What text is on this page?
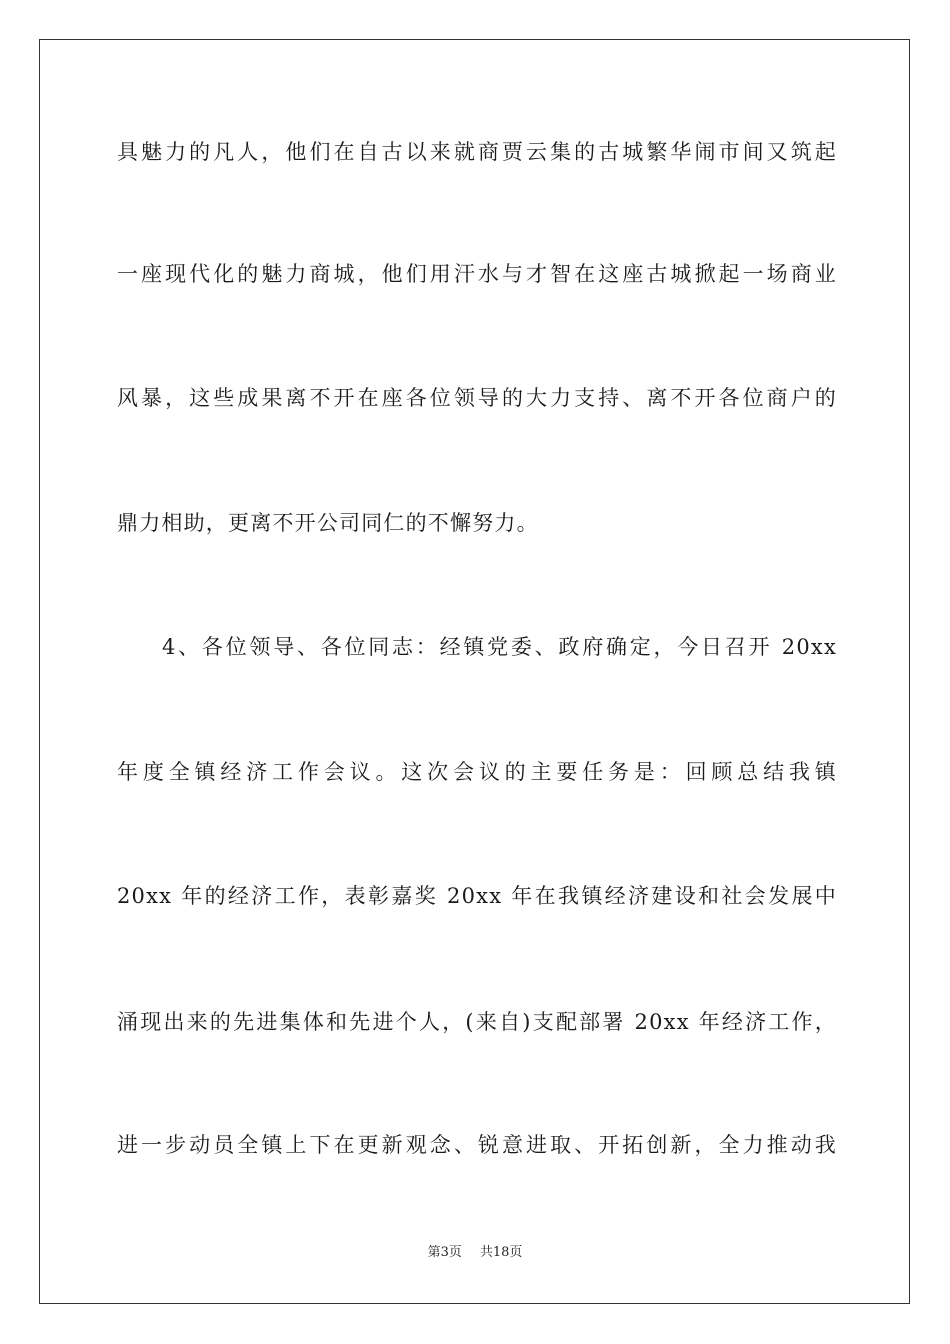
具魅力的凡人，他们在自古以来就商贾云集的古城繁华闹市间又筑起
一座现代化的魅力商城，他们用汗水与才智在这座古城掀起一场商业
风暴，这些成果离不开在座各位领导的大力支持、离不开各位商户的
鼎力相助，更离不开公司同仁的不懈努力。
4、各位领导、各位同志：经镇党委、政府确定，今日召开 20xx
年度全镇经济工作会议。这次会议的主要任务是：回顾总结我镇
20xx 年的经济工作，表彰嘉奖 20xx 年在我镇经济建设和社会发展中
涌现出来的先进集体和先进个人，(来自)支配部署 20xx 年经济工作，
进一步动员全镇上下在更新观念、锐意进取、开拓创新，全力推动我
第3页 共18页
